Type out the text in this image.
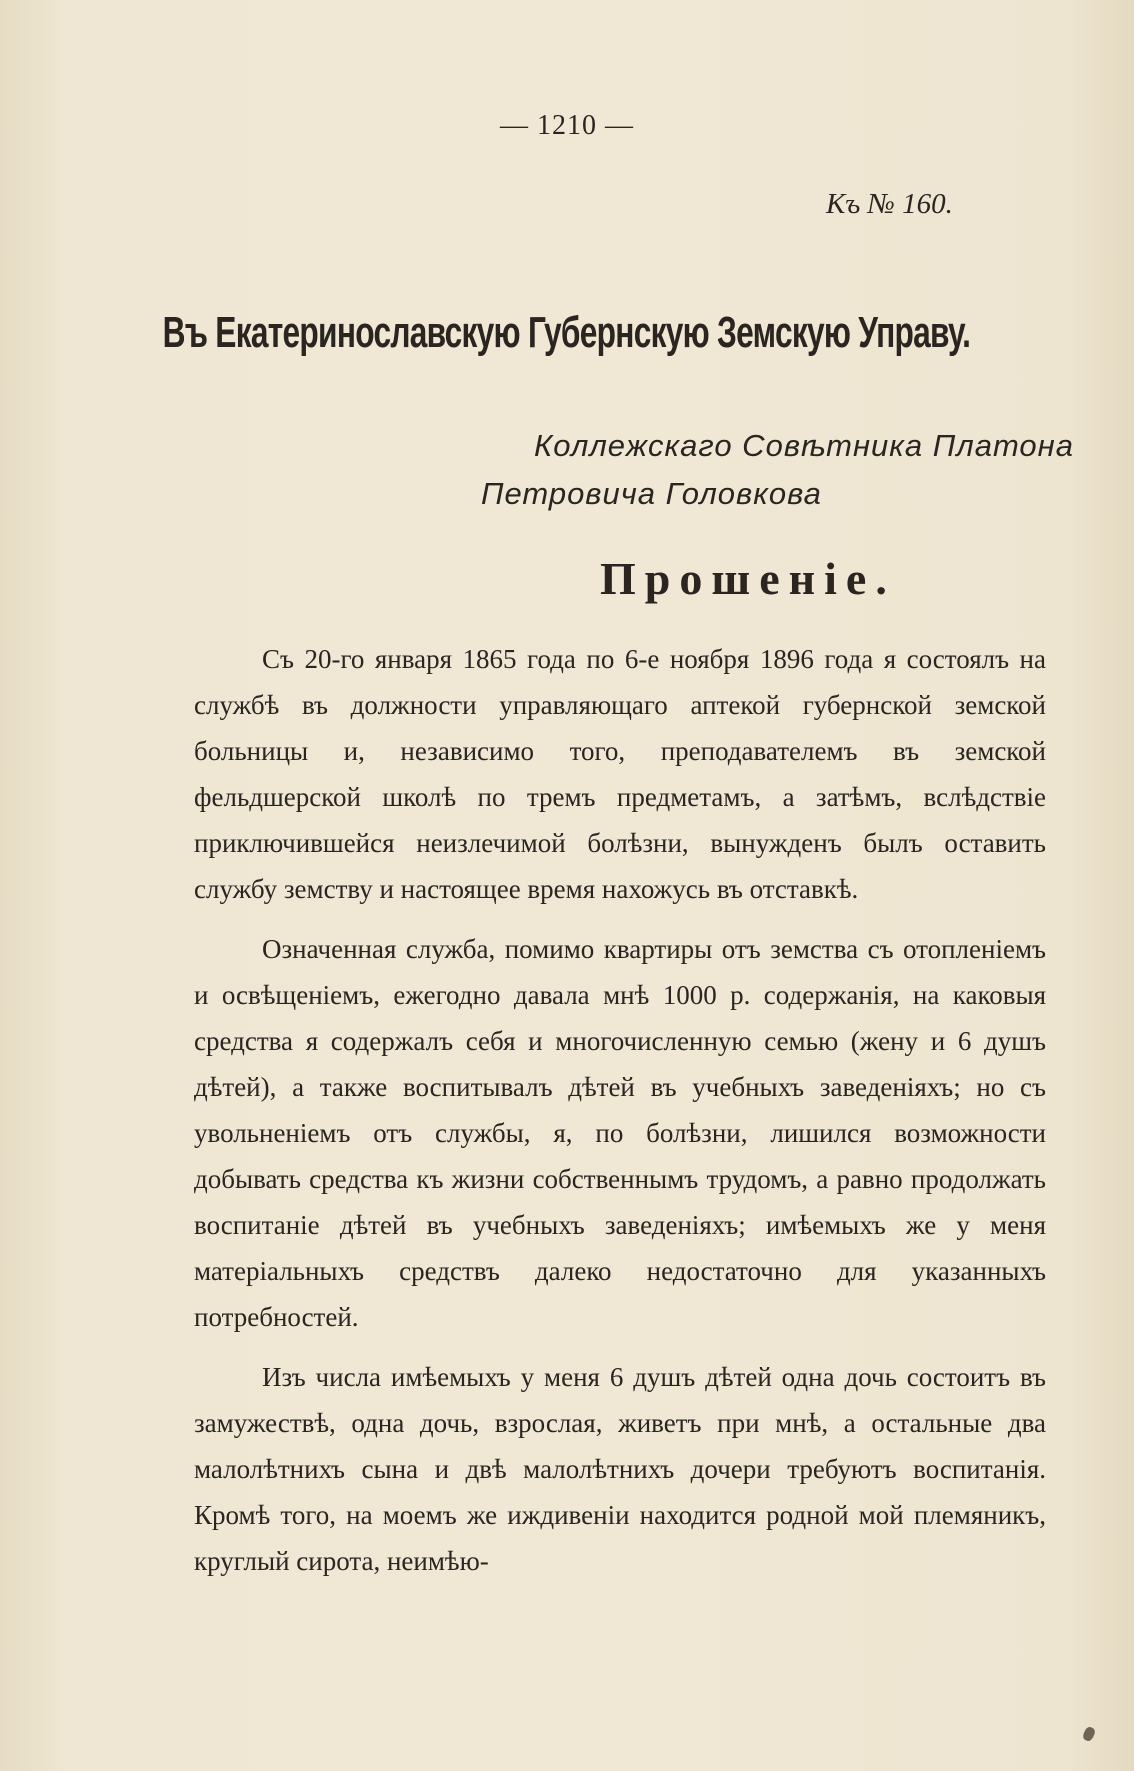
— 1210 —
Къ № 160.
Въ Екатеринославскую Губернскую Земскую Управу.
Коллежскаго Совѣтника Платона
Петровича Головкова
Прошеніе.

Съ 20-го января 1865 года по 6-е ноября 1896 года я состоялъ на службѣ въ должности управляющаго аптекой губернской земской больницы и, независимо того, преподавателемъ въ земской фельдшерской школѣ по тремъ предметамъ, а затѣмъ, вслѣдствіе приключившейся неизлечимой болѣзни, вынужденъ былъ оставить службу земству и настоящее время нахожусь въ отставкѣ.

Означенная служба, помимо квартиры отъ земства съ отопленіемъ и освѣщеніемъ, ежегодно давала мнѣ 1000 р. содержанія, на каковыя средства я содержалъ себя и многочисленную семью (жену и 6 душъ дѣтей), а также воспитывалъ дѣтей въ учебныхъ заведеніяхъ; но съ увольненіемъ отъ службы, я, по болѣзни, лишился возможности добывать средства къ жизни собственнымъ трудомъ, а равно продолжать воспитаніе дѣтей въ учебныхъ заведеніяхъ; имѣемыхъ же у меня матеріальныхъ средствъ далеко недостаточно для указанныхъ потребностей.

Изъ числа имѣемыхъ у меня 6 душъ дѣтей одна дочь состоитъ въ замужествѣ, одна дочь, взрослая, живетъ при мнѣ, а остальные два малолѣтнихъ сына и двѣ малолѣтнихъ дочери требуютъ воспитанія. Кромѣ того, на моемъ же иждивеніи находится родной мой племяникъ, круглый сирота, неимѣю-
